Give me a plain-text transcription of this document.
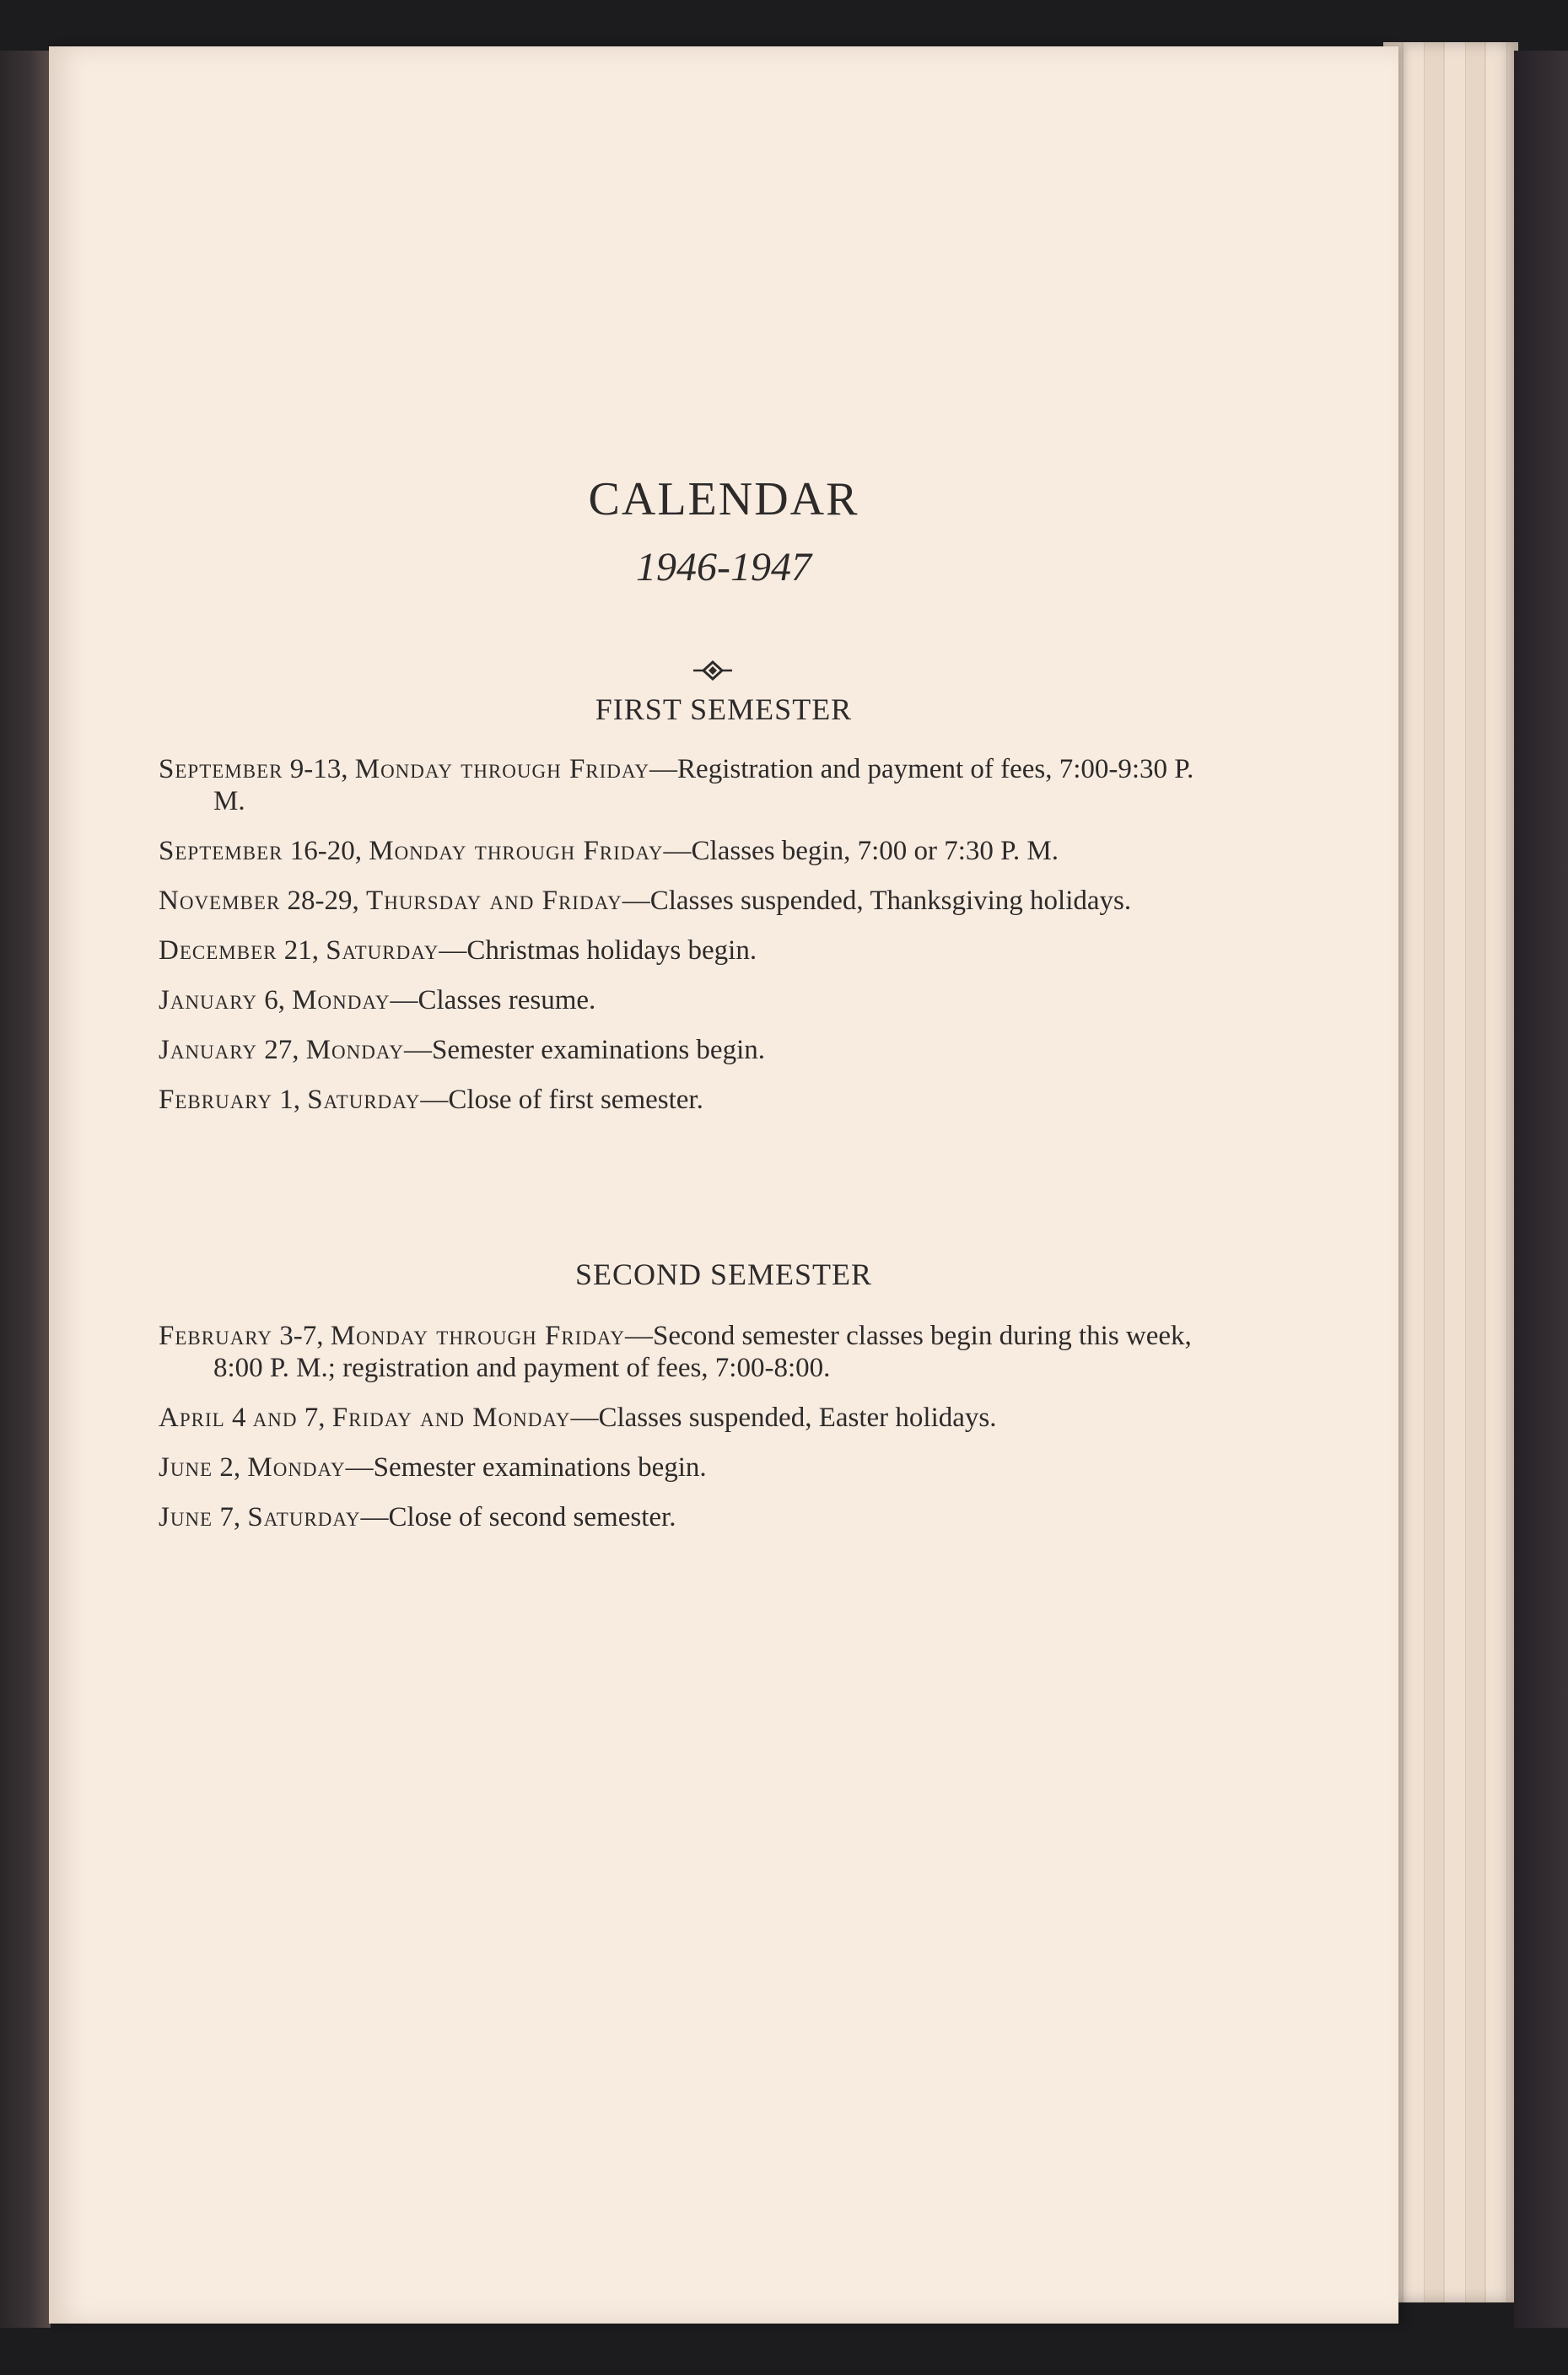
CALENDAR
1946-1947
FIRST SEMESTER
September 9-13, Monday through Friday—Registration and payment of fees, 7:00-9:30 P. M.
September 16-20, Monday through Friday—Classes begin, 7:00 or 7:30 P. M.
November 28-29, Thursday and Friday—Classes suspended, Thanksgiving holidays.
December 21, Saturday—Christmas holidays begin.
January 6, Monday—Classes resume.
January 27, Monday—Semester examinations begin.
February 1, Saturday—Close of first semester.
SECOND SEMESTER
February 3-7, Monday through Friday—Second semester classes begin during this week, 8:00 P. M.; registration and payment of fees, 7:00-8:00.
April 4 and 7, Friday and Monday—Classes suspended, Easter holidays.
June 2, Monday—Semester examinations begin.
June 7, Saturday—Close of second semester.
